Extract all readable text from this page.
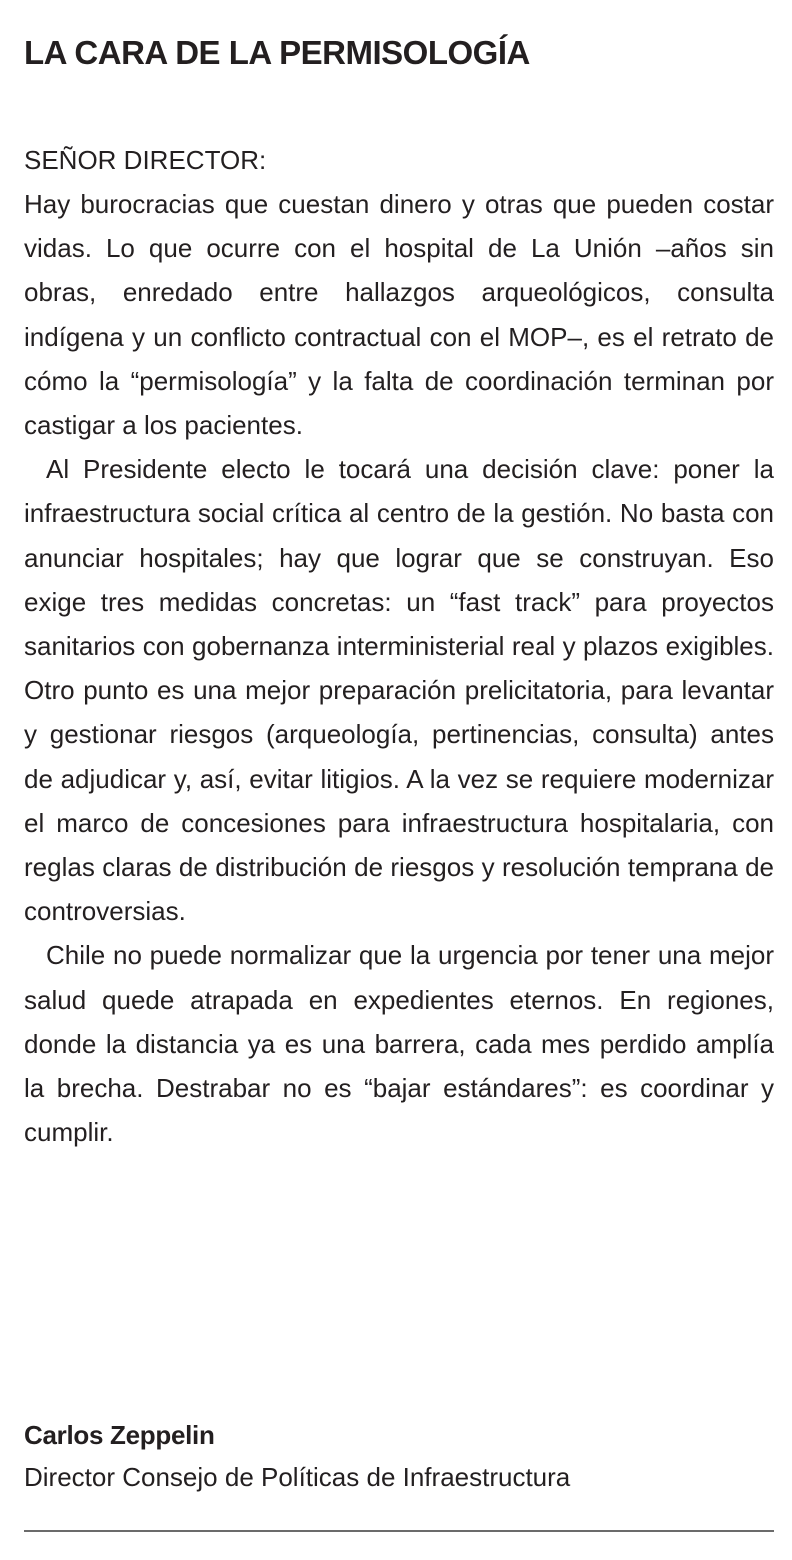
LA CARA DE LA PERMISOLOGÍA
SEÑOR DIRECTOR:

Hay burocracias que cuestan dinero y otras que pueden costar vidas. Lo que ocurre con el hospital de La Unión –años sin obras, enredado entre hallazgos arqueológicos, consulta indígena y un conflicto contractual con el MOP–, es el retrato de cómo la “permisología” y la falta de coordinación terminan por castigar a los pacientes.

Al Presidente electo le tocará una decisión clave: poner la infraestructura social crítica al centro de la gestión. No basta con anunciar hospitales; hay que lograr que se construyan. Eso exige tres medidas concretas: un “fast track” para proyectos sanitarios con gobernanza interministerial real y plazos exigibles. Otro punto es una mejor preparación prelicitatoria, para levantar y gestionar riesgos (arqueología, pertinencias, consulta) antes de adjudicar y, así, evitar litigios. A la vez se requiere modernizar el marco de concesiones para infraestructura hospitalaria, con reglas claras de distribución de riesgos y resolución temprana de controversias.

Chile no puede normalizar que la urgencia por tener una mejor salud quede atrapada en expedientes eternos. En regiones, donde la distancia ya es una barrera, cada mes perdido amplía la brecha. Destrabar no es “bajar estándares”: es coordinar y cumplir.

Carlos Zeppelin
Director Consejo de Políticas de Infraestructura
